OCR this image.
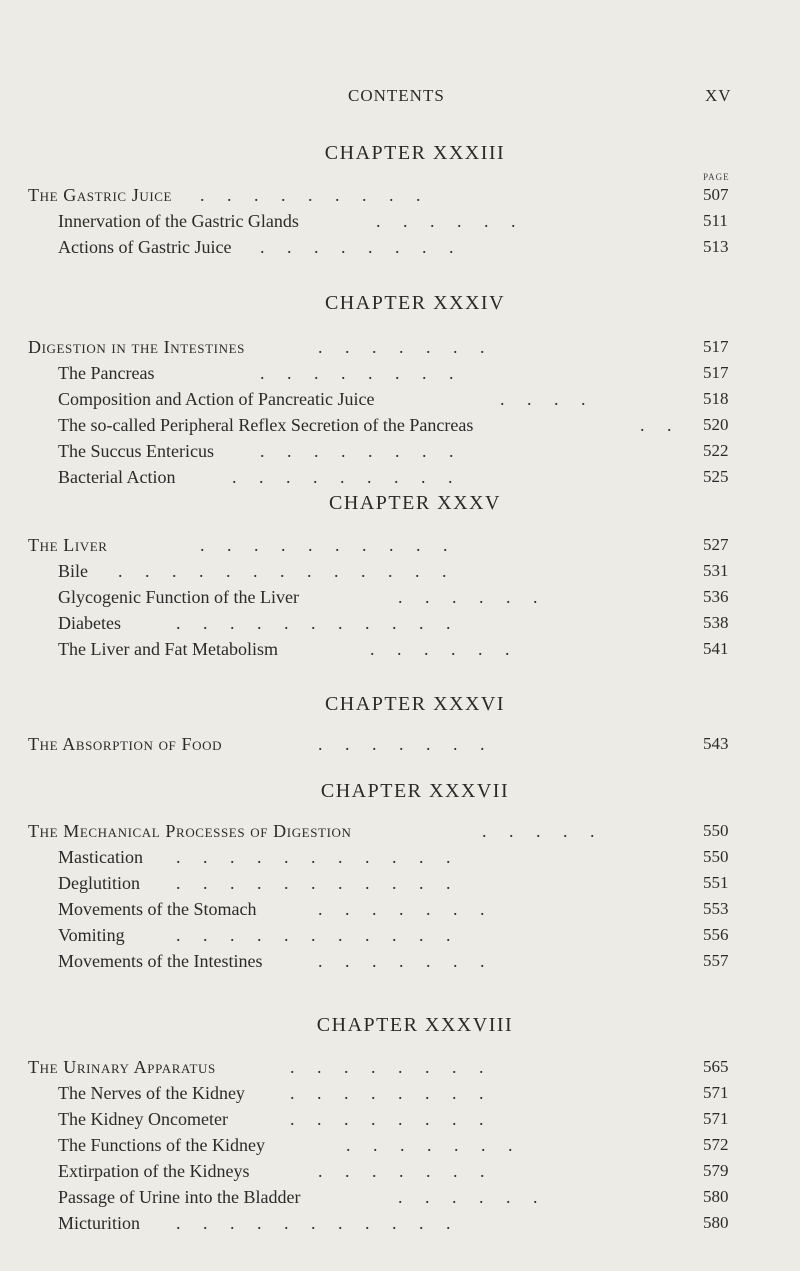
CONTENTS	XV
CHAPTER XXXIII
PAGE
The Gastric Juice .     .     .     .     .     .     .     .     .	507
Innervation of the Gastric Glands	.     .     .     .     .     .	511
Actions of Gastric Juice .     .     .     .     .     .     .     .	513
CHAPTER XXXIV
Digestion in the Intestines	.     .     .     .     .     .     .	517
The Pancreas	.     .     .     .     .     .     .     .	517
Composition and Action of Pancreatic Juice	.     .     .     .	518
The so-called Peripheral Reflex Secretion of the Pancreas	.     . 520
The Succus Entericus	.     .     .     .     .     .     .     .	522
Bacterial Action	.     .     .     .     .     .     .     .     .	525
CHAPTER XXXV
The Liver	.     .     .     .     .     .     .     .     .     .	527
Bile .     .     .     .     .     .     .     .     .     .     .     .     .	531
Glycogenic Function of the Liver	.     .     .     .     .     .	536
Diabetes	.     .     .     .     .     .     .     .     .     .     .	538
The Liver and Fat Metabolism	.     .     .     .     .     .	541
CHAPTER XXXVI
The Absorption of Food	.     .     .     .     .     .     .	543
CHAPTER XXXVII
The Mechanical Processes of Digestion	.     .     .     .     .	550
Mastication .     .     .     .     .     .     .     .     .     .     .	550
Deglutition .     .     .     .     .     .     .     .     .     .     .	551
Movements of the Stomach	.     .     .     .     .     .     .	553
Vomiting	.     .     .     .     .     .     .     .     .     .     .	556
Movements of the Intestines	.     .     .     .     .     .     .	557
CHAPTER XXXVIII
The Urinary Apparatus	.     .     .     .     .     .     .     .	565
The Nerves of the Kidney	.     .     .     .     .     .     .     .	571
The Kidney Oncometer	.     .     .     .     .     .     .     .	571
The Functions of the Kidney	.     .     .     .     .     .     .	572
Extirpation of the Kidneys	.     .     .     .     .     .     .	579
Passage of Urine into the Bladder	.     .     .     .     .     .	580
Micturition .     .     .     .     .     .     .     .     .     .     .	580
